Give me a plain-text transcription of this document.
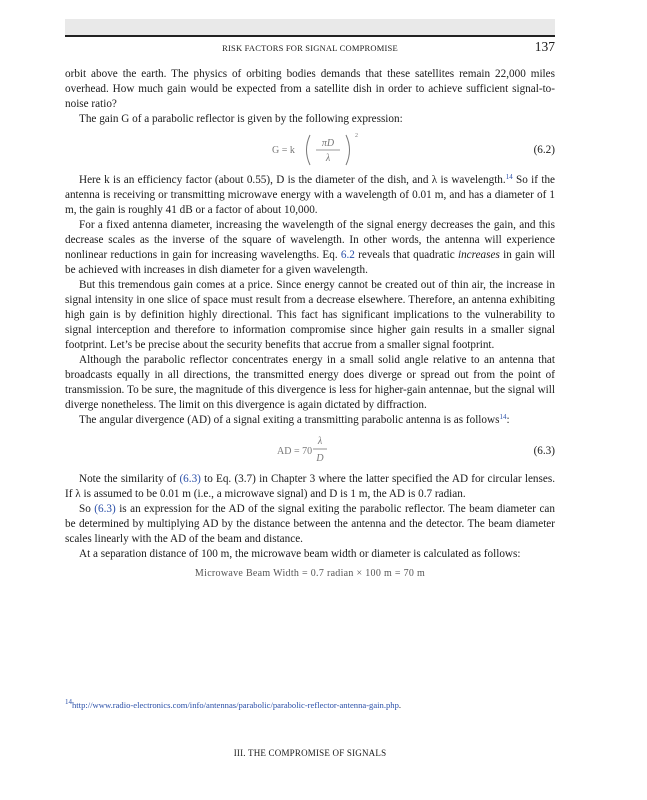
RISK FACTORS FOR SIGNAL COMPROMISE	137

orbit above the earth. The physics of orbiting bodies demands that these satellites remain 22,000 miles overhead. How much gain would be expected from a satellite dish in order to achieve sufficient signal-to-noise ratio?

The gain G of a parabolic reflector is given by the following expression:

G = k
πD
λ
2
(6.2)

Here k is an efficiency factor (about 0.55), D is the diameter of the dish, and λ is wavelength.$^{14}$ So if the antenna is receiving or transmitting microwave energy with a wavelength of 0.01 m, and has a diameter of 1 m, the gain is roughly 41 dB or a factor of about 10,000.

For a fixed antenna diameter, increasing the wavelength of the signal energy decreases the gain, and this decrease scales as the inverse of the square of wavelength. In other words, the antenna will experience nonlinear reductions in gain for increasing wavelengths. Eq. 6.2 reveals that quadratic increases in gain will be achieved with increases in dish diameter for a given wavelength.

But this tremendous gain comes at a price. Since energy cannot be created out of thin air, the increase in signal intensity in one slice of space must result from a decrease elsewhere. Therefore, an antenna exhibiting high gain is by definition highly directional. This fact has significant implications to the vulnerability to signal interception and therefore to information compromise since higher gain results in a smaller signal footprint. Let’s be precise about the security benefits that accrue from a smaller signal footprint.

Although the parabolic reflector concentrates energy in a small solid angle relative to an antenna that broadcasts equally in all directions, the transmitted energy does diverge or spread out from the point of transmission. To be sure, the magnitude of this divergence is less for higher-gain antennae, but the signal will diverge nonetheless. The limit on this divergence is again dictated by diffraction.

The angular divergence (AD) of a signal exiting a transmitting parabolic antenna is as follows$^{14}$:

AD = 70
λ
D
(6.3)

Note the similarity of (6.3) to Eq. (3.7) in Chapter 3 where the latter specified the AD for circular lenses. If λ is assumed to be 0.01 m (i.e., a microwave signal) and D is 1 m, the AD is 0.7 radian.

So (6.3) is an expression for the AD of the signal exiting the parabolic reflector. The beam diameter can be determined by multiplying AD by the distance between the antenna and the detector. The beam diameter scales linearly with the AD of the beam and distance.

At a separation distance of 100 m, the microwave beam width or diameter is calculated as follows:

Microwave Beam Width = 0.7 radian × 100 m = 70 m
$^{14}$http://www.radio-electronics.com/info/antennas/parabolic/parabolic-reflector-antenna-gain.php.
III. THE COMPROMISE OF SIGNALS
